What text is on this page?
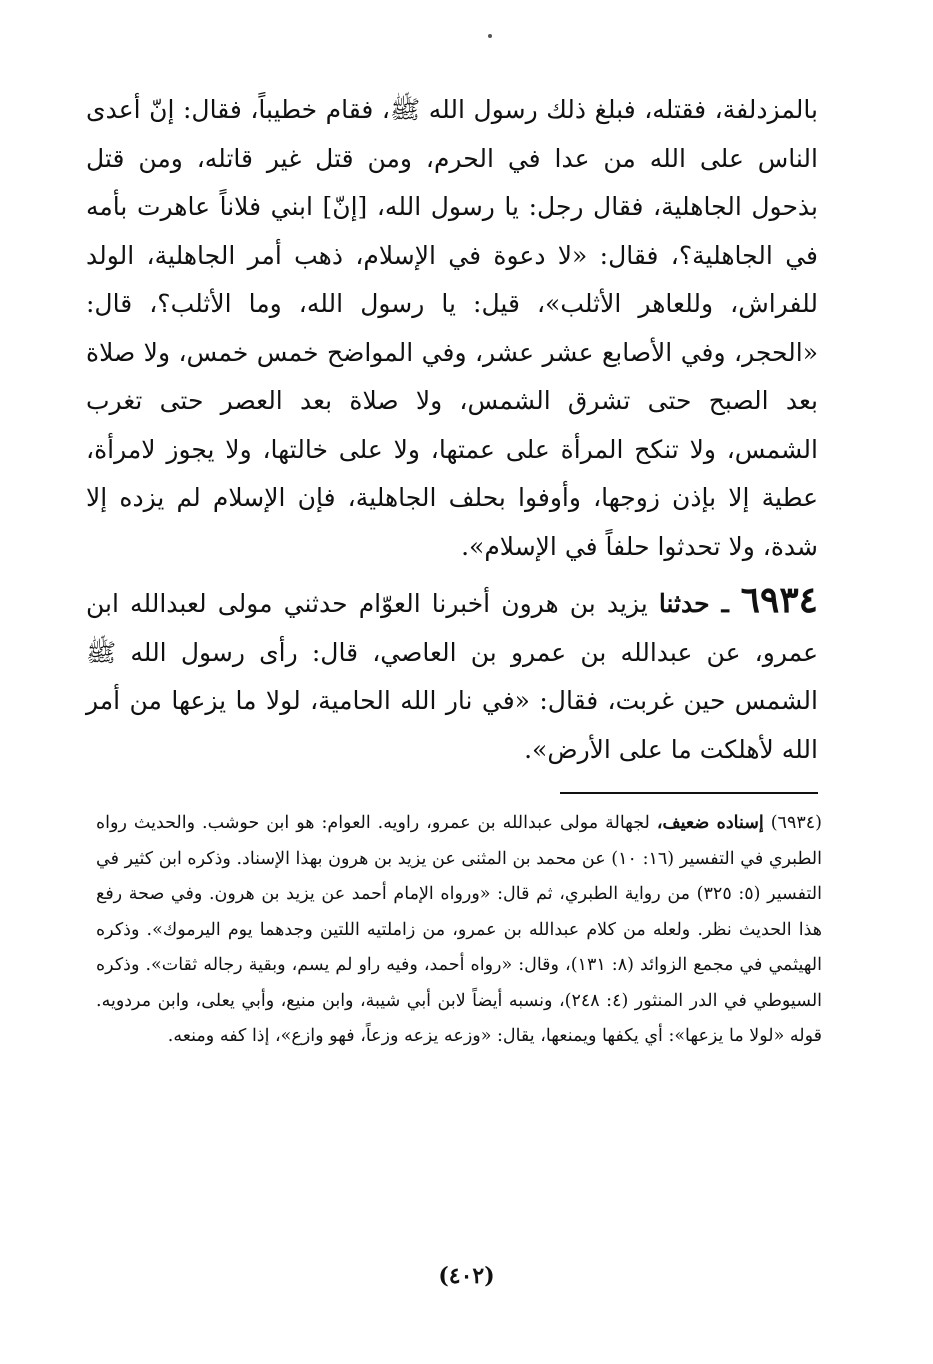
بالمزدلفة، فقتله، فبلغ ذلك رسول الله ﷺ، فقام خطيباً، فقال: إنّ أعدى الناس على الله من عدا في الحرم، ومن قتل غير قاتله، ومن قتل بذحول الجاهلية، فقال رجل: يا رسول الله، [إنّ] ابني فلاناً عاهرت بأمه في الجاهلية؟، فقال: «لا دعوة في الإسلام، ذهب أمر الجاهلية، الولد للفراش، وللعاهر الأثلب»، قيل: يا رسول الله، وما الأثلب؟، قال: «الحجر، وفي الأصابع عشر عشر، وفي المواضح خمس خمس، ولا صلاة بعد الصبح حتى تشرق الشمس، ولا صلاة بعد العصر حتى تغرب الشمس، ولا تنكح المرأة على عمتها، ولا على خالتها، ولا يجوز لامرأة، عطية إلا بإذن زوجها، وأوفوا بحلف الجاهلية، فإن الإسلام لم يزده إلا شدة، ولا تحدثوا حلفاً في الإسلام».

٦٩٣٤ ـ حدثنا يزيد بن هرون أخبرنا العوّام حدثني مولى لعبدالله ابن عمرو، عن عبدالله بن عمرو بن العاصي، قال: رأى رسول الله ﷺ الشمس حين غربت، فقال: «في نار الله الحامية، لولا ما يزعها من أمر الله لأهلكت ما على الأرض».

(٦٩٣٤) إسناده ضعيف، لجهالة مولى عبدالله بن عمرو، راويه. العوام: هو ابن حوشب. والحديث رواه الطبري في التفسير (١٦: ١٠) عن محمد بن المثنى عن يزيد بن هرون بهذا الإسناد. وذكره ابن كثير في التفسير (٥: ٣٢٥) من رواية الطبري، ثم قال: «ورواه الإمام أحمد عن يزيد بن هرون. وفي صحة رفع هذا الحديث نظر. ولعله من كلام عبدالله بن عمرو، من زاملتيه اللتين وجدهما يوم اليرموك». وذكره الهيثمي في مجمع الزوائد (٨: ١٣١)، وقال: «رواه أحمد، وفيه راو لم يسم، وبقية رجاله ثقات». وذكره السيوطي في الدر المنثور (٤: ٢٤٨)، ونسبه أيضاً لابن أبي شيبة، وابن منيع، وأبي يعلى، وابن مردويه. قوله «لولا ما يزعها»: أي يكفها ويمنعها، يقال: «وزعه يزعه وزعاً، فهو وازع»، إذا كفه ومنعه.

(٤٠٢)
